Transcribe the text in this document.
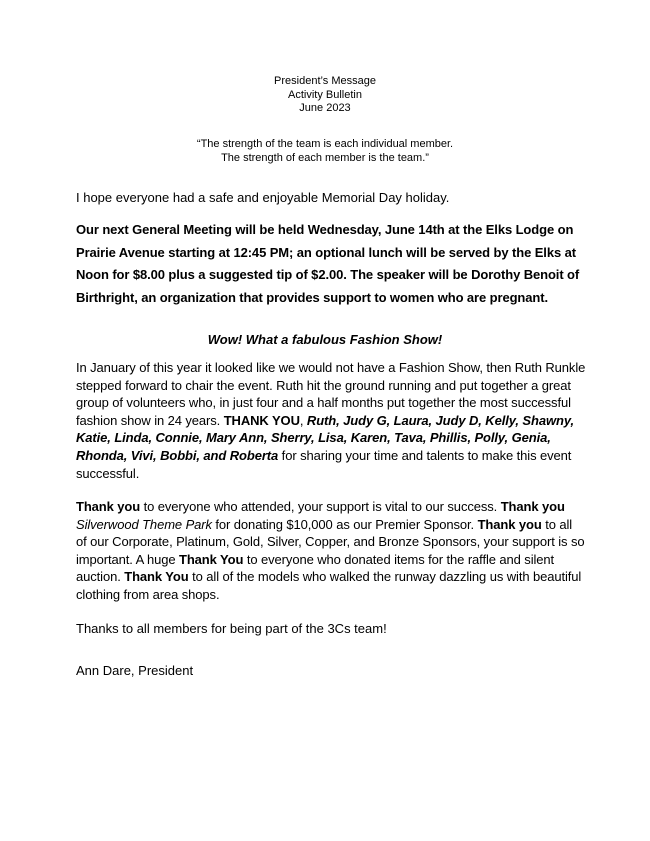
President’s Message
Activity Bulletin
June 2023
“The strength of the team is each individual member.
The strength of each member is the team.”

I hope everyone had a safe and enjoyable Memorial Day holiday.

Our next General Meeting will be held Wednesday, June 14th at the Elks Lodge on Prairie Avenue starting at 12:45 PM; an optional lunch will be served by the Elks at Noon for $8.00 plus a suggested tip of $2.00. The speaker will be Dorothy Benoit of Birthright, an organization that provides support to women who are pregnant.

Wow! What a fabulous Fashion Show!

In January of this year it looked like we would not have a Fashion Show, then Ruth Runkle stepped forward to chair the event. Ruth hit the ground running and put together a great group of volunteers who, in just four and a half months put together the most successful fashion show in 24 years. THANK YOU, Ruth, Judy G, Laura, Judy D, Kelly, Shawny, Katie, Linda, Connie, Mary Ann, Sherry, Lisa, Karen, Tava, Phillis, Polly, Genia, Rhonda, Vivi, Bobbi, and Roberta for sharing your time and talents to make this event successful.

Thank you to everyone who attended, your support is vital to our success. Thank you Silverwood Theme Park for donating $10,000 as our Premier Sponsor. Thank you to all of our Corporate, Platinum, Gold, Silver, Copper, and Bronze Sponsors, your support is so important. A huge Thank You to everyone who donated items for the raffle and silent auction. Thank You to all of the models who walked the runway dazzling us with beautiful clothing from area shops.

Thanks to all members for being part of the 3Cs team!

Ann Dare, President
